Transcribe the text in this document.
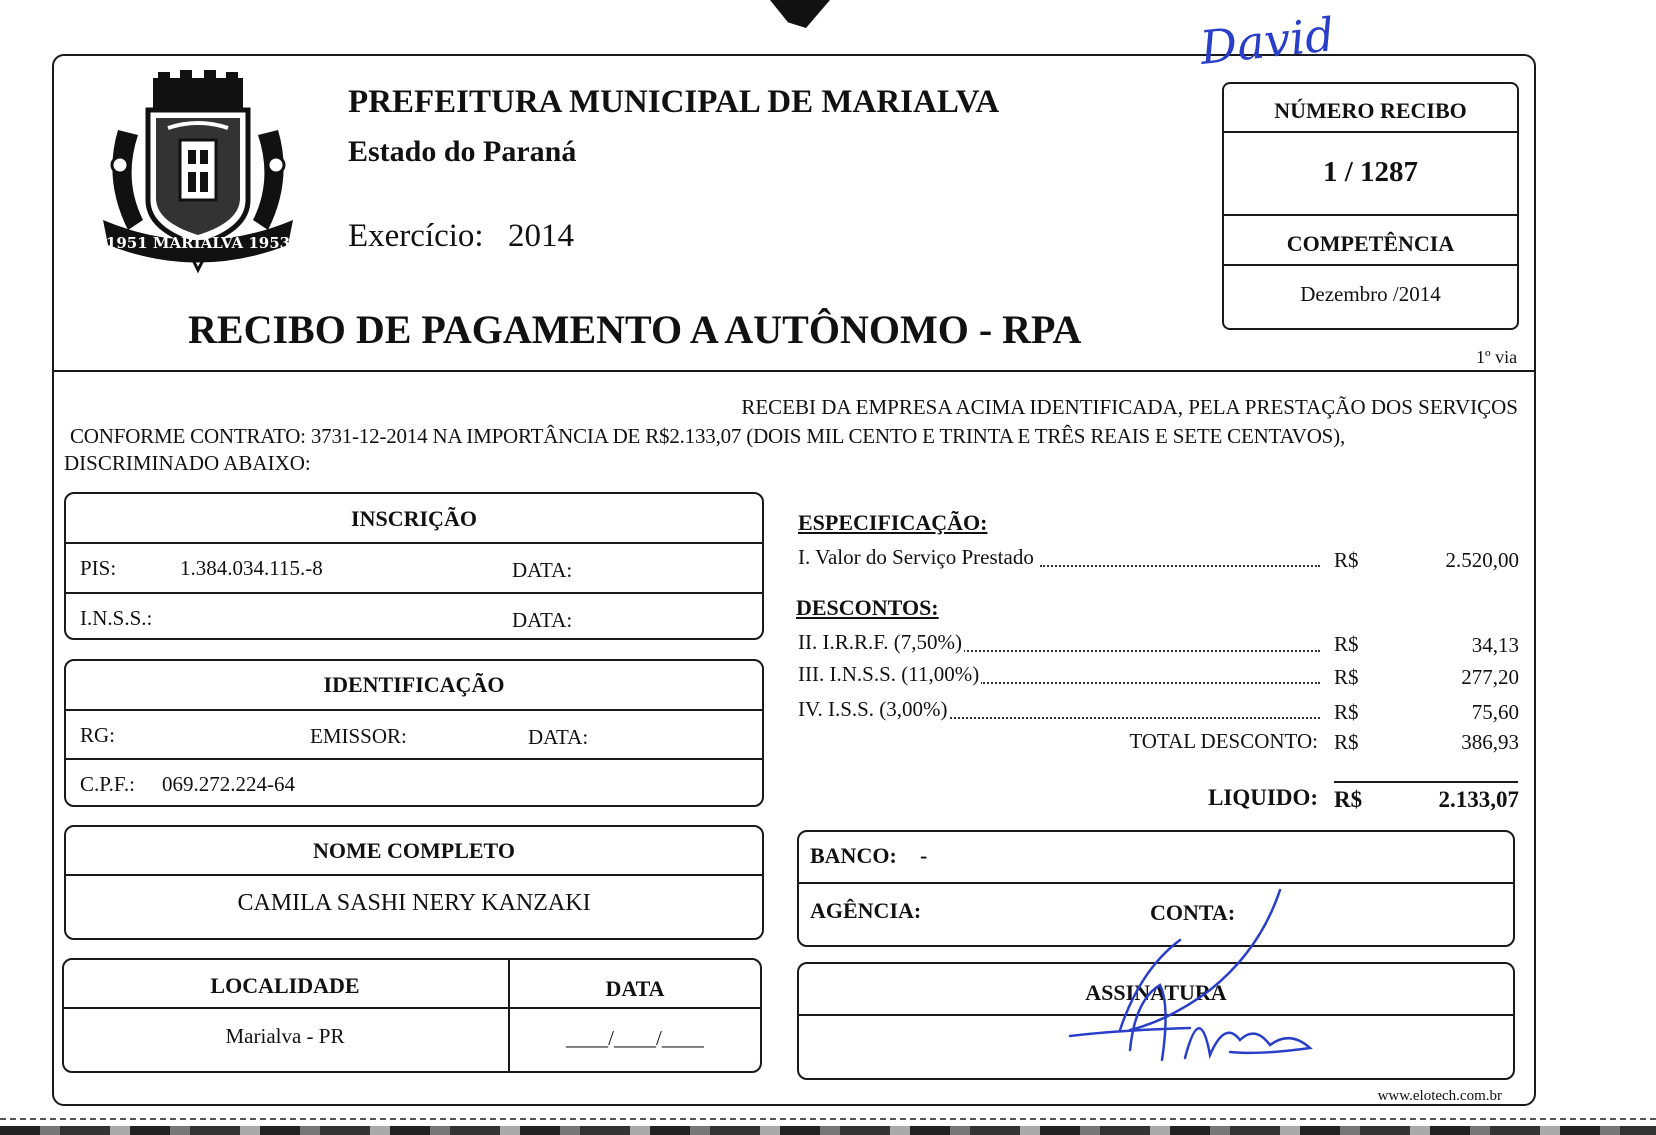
David
1951 MARIALVA 1953
PREFEITURA MUNICIPAL DE MARIALVA
Estado do Paraná
Exercício: 2014
RECIBO DE PAGAMENTO A AUTÔNOMO - RPA
1º via
NÚMERO RECIBO
1 / 1287
COMPETÊNCIA
Dezembro /2014
RECEBI DA EMPRESA ACIMA IDENTIFICADA, PELA PRESTAÇÃO DOS SERVIÇOS
CONFORME CONTRATO: 3731-12-2014 NA IMPORTÂNCIA DE R$2.133,07 (DOIS MIL CENTO E TRINTA E TRÊS REAIS E SETE CENTAVOS),
DISCRIMINADO ABAIXO:
INSCRIÇÃO
PIS:	1.384.034.115.-8	DATA:
I.N.S.S.:	DATA:
IDENTIFICAÇÃO
RG:	EMISSOR:	DATA:
C.P.F.: 069.272.224-64
NOME COMPLETO
CAMILA SASHI NERY KANZAKI
LOCALIDADE
Marialva - PR
DATA
____/____/____
ESPECIFICAÇÃO:
I. Valor do Serviço Prestado	R$	2.520,00
DESCONTOS:
II. I.R.R.F. (7,50%)	R$	34,13
III. I.N.S.S. (11,00%)	R$	277,20
IV. I.S.S. (3,00%)	R$	75,60
TOTAL DESCONTO: R$	386,93
LIQUIDO: R$	2.133,07
BANCO: -
AGÊNCIA:	CONTA:
ASSINATURA
www.elotech.com.br
